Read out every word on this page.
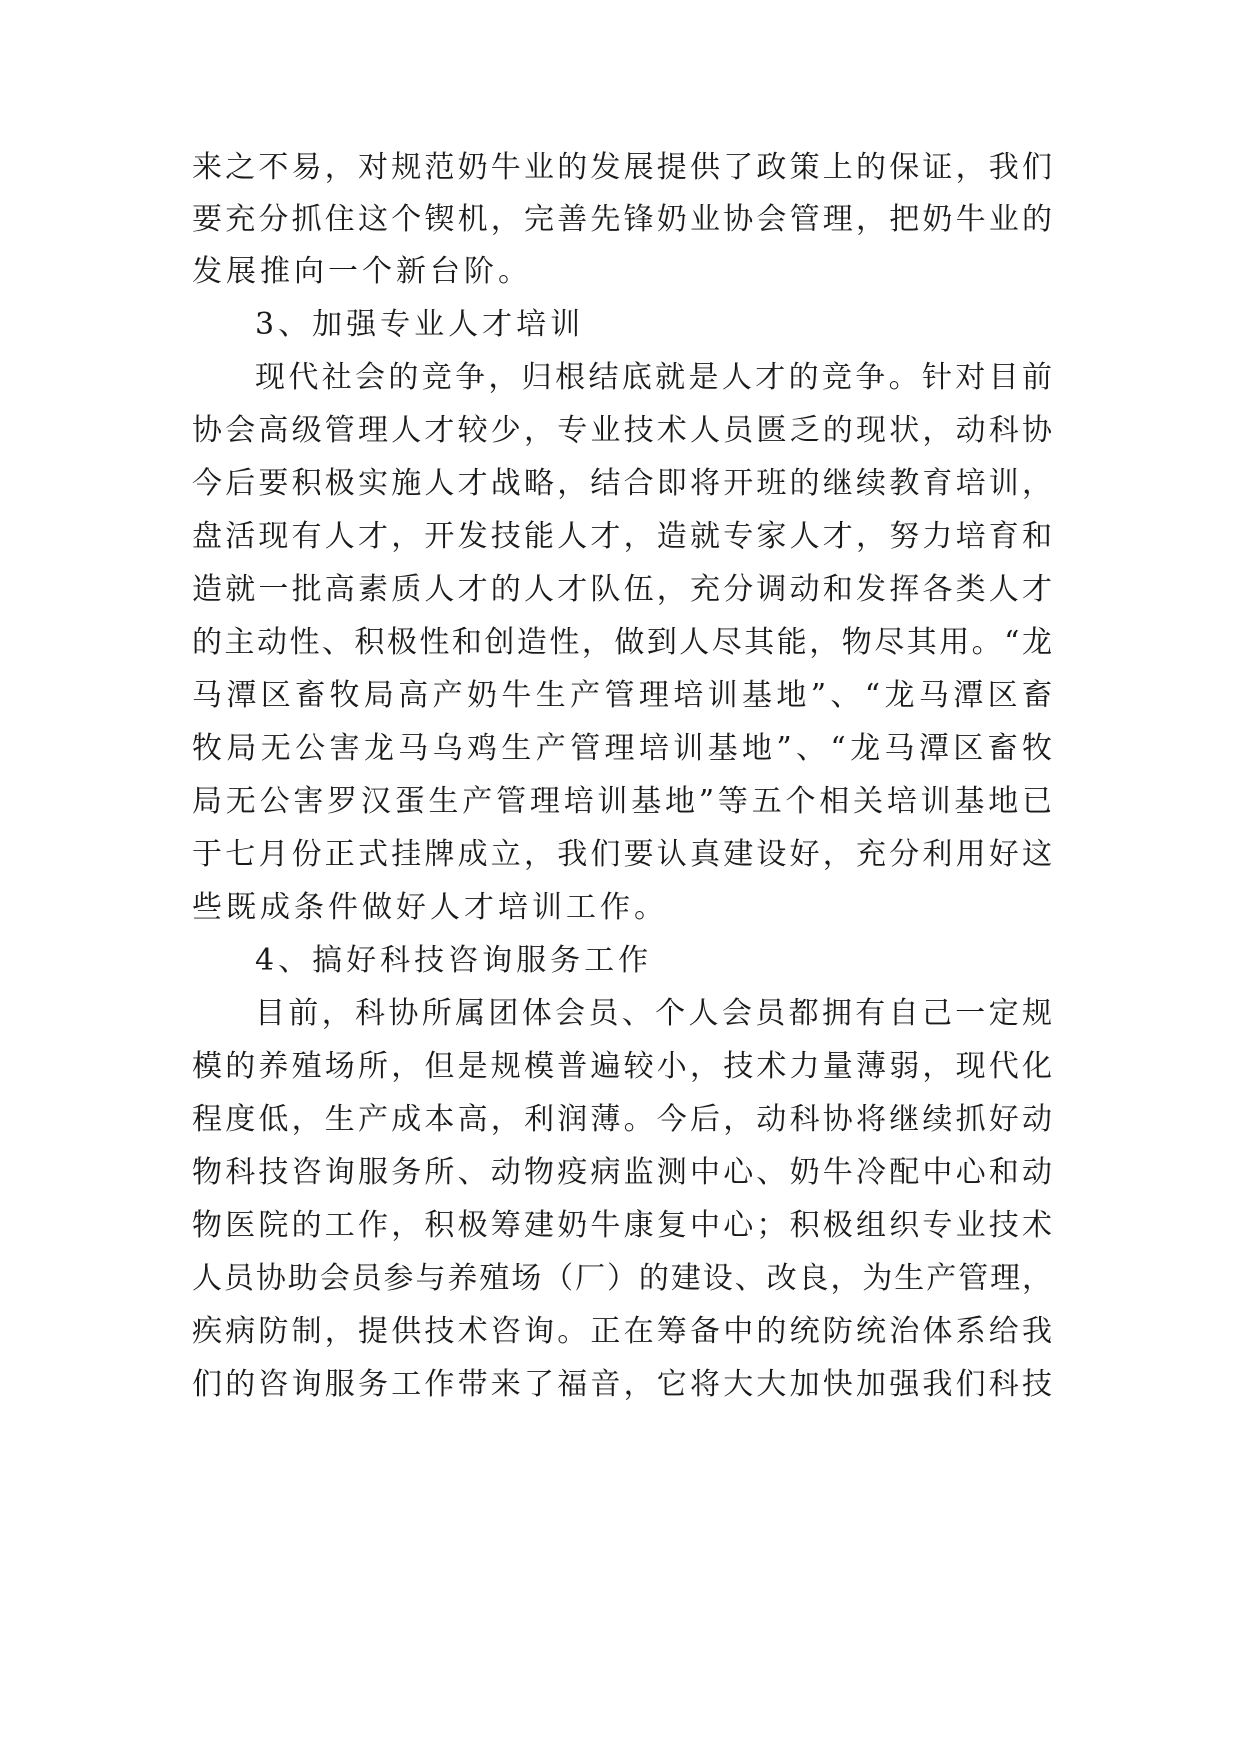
来之不易，对规范奶牛业的发展提供了政策上的保证，我们
要充分抓住这个锲机，完善先锋奶业协会管理，把奶牛业的
发展推向一个新台阶。
3、加强专业人才培训
现代社会的竞争，归根结底就是人才的竞争。针对目前
协会高级管理人才较少，专业技术人员匮乏的现状，动科协
今后要积极实施人才战略，结合即将开班的继续教育培训，
盘活现有人才，开发技能人才，造就专家人才，努力培育和
造就一批高素质人才的人才队伍，充分调动和发挥各类人才
的主动性、积极性和创造性，做到人尽其能，物尽其用。“龙
马潭区畜牧局高产奶牛生产管理培训基地”、“龙马潭区畜
牧局无公害龙马乌鸡生产管理培训基地”、“龙马潭区畜牧
局无公害罗汉蛋生产管理培训基地”等五个相关培训基地已
于七月份正式挂牌成立，我们要认真建设好，充分利用好这
些既成条件做好人才培训工作。
4、搞好科技咨询服务工作
目前，科协所属团体会员、个人会员都拥有自己一定规
模的养殖场所，但是规模普遍较小，技术力量薄弱，现代化
程度低，生产成本高，利润薄。今后，动科协将继续抓好动
物科技咨询服务所、动物疫病监测中心、奶牛冷配中心和动
物医院的工作，积极筹建奶牛康复中心；积极组织专业技术
人员协助会员参与养殖场（厂）的建设、改良，为生产管理，
疾病防制，提供技术咨询。正在筹备中的统防统治体系给我
们的咨询服务工作带来了福音，它将大大加快加强我们科技
